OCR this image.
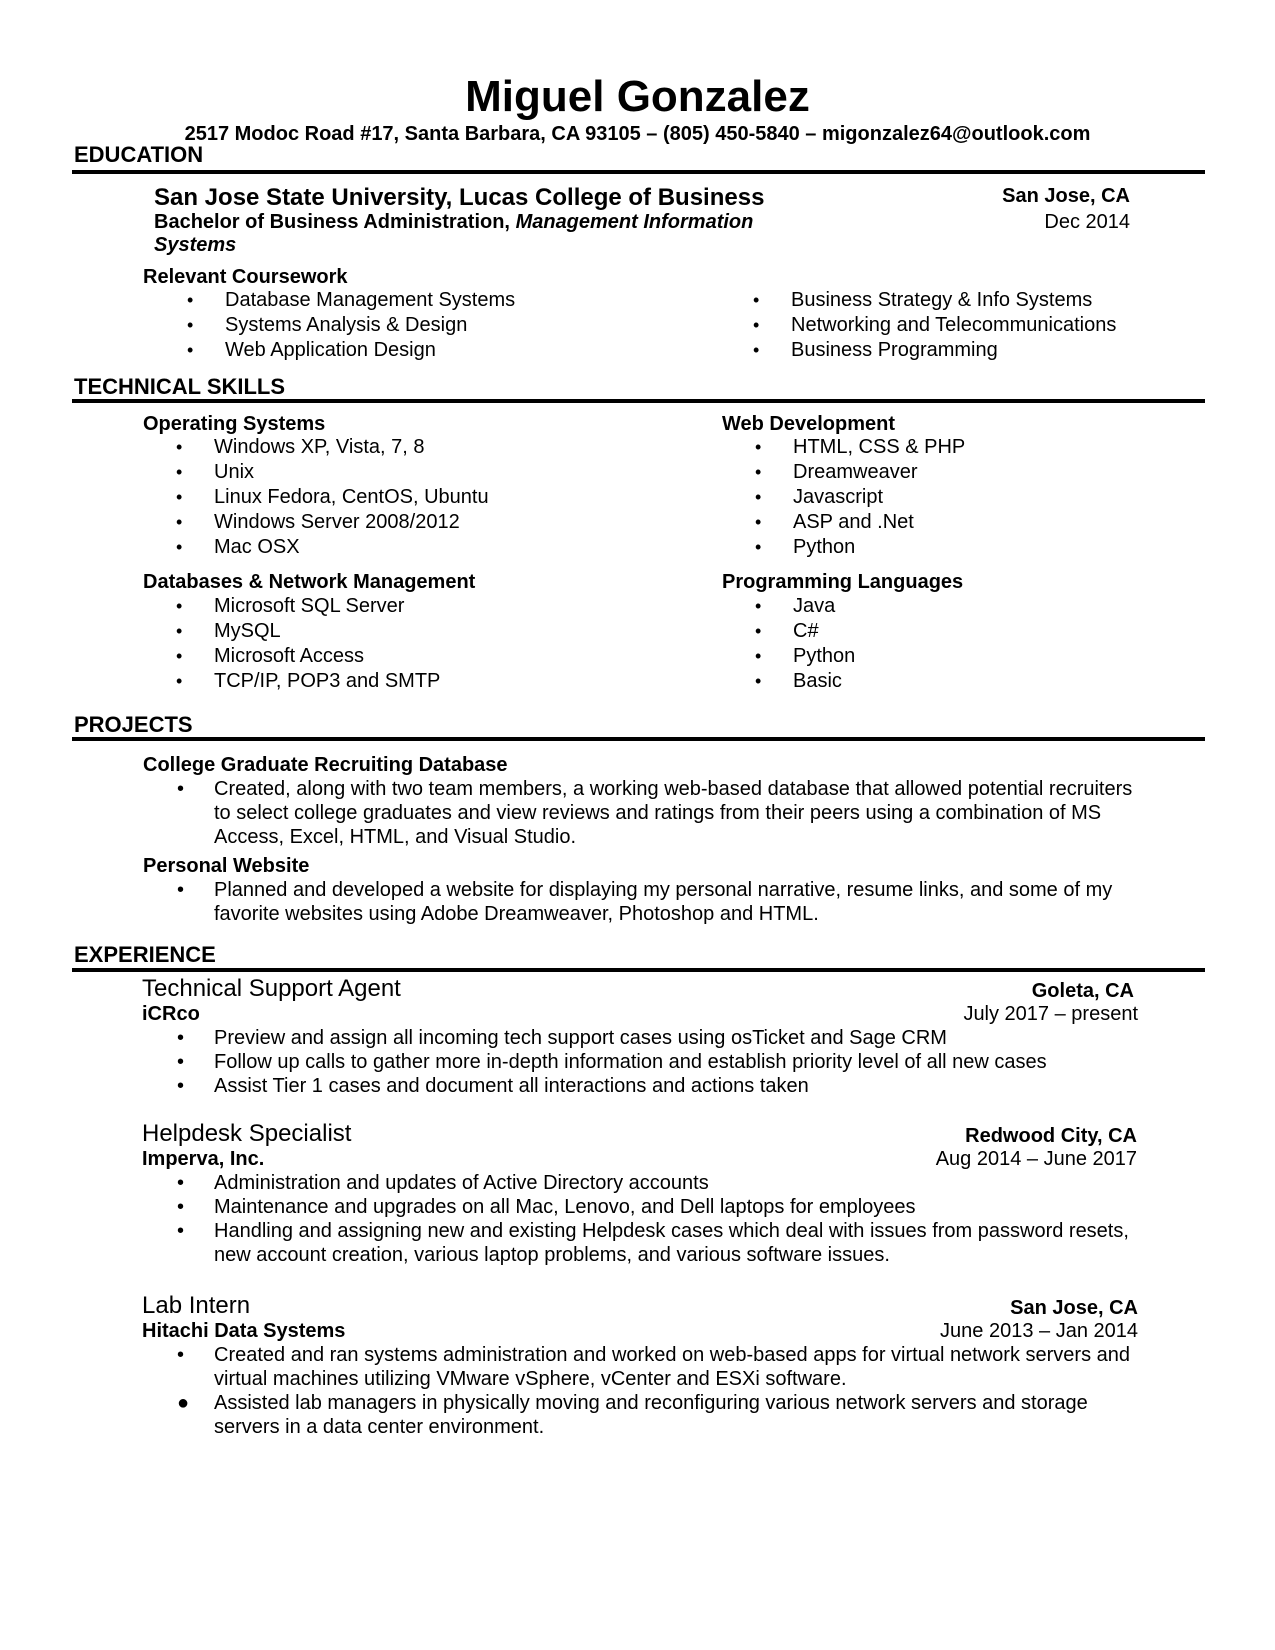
Miguel Gonzalez
2517 Modoc Road #17, Santa Barbara, CA 93105 – (805) 450-5840 – migonzalez64@outlook.com
EDUCATION
San Jose State University, Lucas College of Business
Bachelor of Business Administration, Management Information
Systems
San Jose, CA
Dec 2014
Relevant Coursework
• Database Management Systems
• Systems Analysis & Design
• Web Application Design
• Business Strategy & Info Systems
• Networking and Telecommunications
• Business Programming
TECHNICAL SKILLS
Operating Systems
• Windows XP, Vista, 7, 8
• Unix
• Linux Fedora, CentOS, Ubuntu
• Windows Server 2008/2012
• Mac OSX
Web Development
• HTML, CSS & PHP
• Dreamweaver
• Javascript
• ASP and .Net
• Python
Databases & Network Management
• Microsoft SQL Server
• MySQL
• Microsoft Access
• TCP/IP, POP3 and SMTP
Programming Languages
• Java
• C#
• Python
• Basic
PROJECTS
College Graduate Recruiting Database
• Created, along with two team members, a working web-based database that allowed potential recruiters
to select college graduates and view reviews and ratings from their peers using a combination of MS
Access, Excel, HTML, and Visual Studio.
Personal Website
• Planned and developed a website for displaying my personal narrative, resume links, and some of my
favorite websites using Adobe Dreamweaver, Photoshop and HTML.
EXPERIENCE
Technical Support Agent	Goleta, CA
iCRco	July 2017 – present
• Preview and assign all incoming tech support cases using osTicket and Sage CRM
• Follow up calls to gather more in-depth information and establish priority level of all new cases
• Assist Tier 1 cases and document all interactions and actions taken
Helpdesk Specialist	Redwood City, CA
Imperva, Inc.	Aug 2014 – June 2017
• Administration and updates of Active Directory accounts
• Maintenance and upgrades on all Mac, Lenovo, and Dell laptops for employees
• Handling and assigning new and existing Helpdesk cases which deal with issues from password resets,
new account creation, various laptop problems, and various software issues.
Lab Intern	San Jose, CA
Hitachi Data Systems	June 2013 – Jan 2014
• Created and ran systems administration and worked on web-based apps for virtual network servers and
virtual machines utilizing VMware vSphere, vCenter and ESXi software.
● Assisted lab managers in physically moving and reconfiguring various network servers and storage
servers in a data center environment.
